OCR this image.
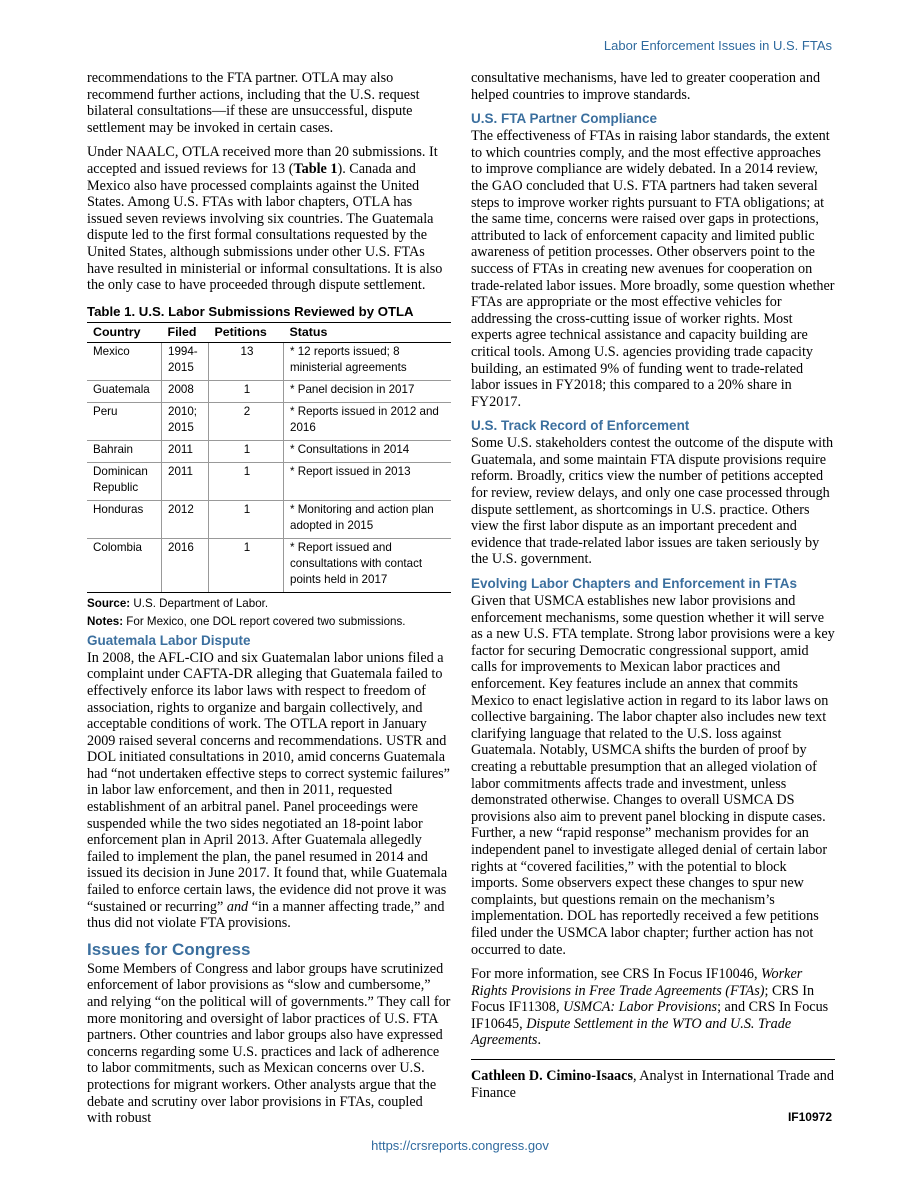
Labor Enforcement Issues in U.S. FTAs

recommendations to the FTA partner. OTLA may also recommend further actions, including that the U.S. request bilateral consultations—if these are unsuccessful, dispute settlement may be invoked in certain cases.

Under NAALC, OTLA received more than 20 submissions. It accepted and issued reviews for 13 (Table 1). Canada and Mexico also have processed complaints against the United States. Among U.S. FTAs with labor chapters, OTLA has issued seven reviews involving six countries. The Guatemala dispute led to the first formal consultations requested by the United States, although submissions under other U.S. FTAs have resulted in ministerial or informal consultations. It is also the only case to have proceeded through dispute settlement.

Table 1. U.S. Labor Submissions Reviewed by OTLA
Country	Filed	Petitions	Status
Mexico	1994-2015	13	* 12 reports issued; 8 ministerial agreements
Guatemala	2008	1	* Panel decision in 2017
Peru	2010; 2015	2	* Reports issued in 2012 and 2016
Bahrain	2011	1	* Consultations in 2014
Dominican Republic	2011	1	* Report issued in 2013
Honduras	2012	1	* Monitoring and action plan adopted in 2015
Colombia	2016	1	* Report issued and consultations with contact points held in 2017
Source: U.S. Department of Labor.
Notes: For Mexico, one DOL report covered two submissions.
Guatemala Labor Dispute

In 2008, the AFL-CIO and six Guatemalan labor unions filed a complaint under CAFTA-DR alleging that Guatemala failed to effectively enforce its labor laws with respect to freedom of association, rights to organize and bargain collectively, and acceptable conditions of work. The OTLA report in January 2009 raised several concerns and recommendations. USTR and DOL initiated consultations in 2010, amid concerns Guatemala had “not undertaken effective steps to correct systemic failures” in labor law enforcement, and then in 2011, requested establishment of an arbitral panel. Panel proceedings were suspended while the two sides negotiated an 18-point labor enforcement plan in April 2013. After Guatemala allegedly failed to implement the plan, the panel resumed in 2014 and issued its decision in June 2017. It found that, while Guatemala failed to enforce certain laws, the evidence did not prove it was “sustained or recurring” and “in a manner affecting trade,” and thus did not violate FTA provisions.

Issues for Congress

Some Members of Congress and labor groups have scrutinized enforcement of labor provisions as “slow and cumbersome,” and relying “on the political will of governments.” They call for more monitoring and oversight of labor practices of U.S. FTA partners. Other countries and labor groups also have expressed concerns regarding some U.S. practices and lack of adherence to labor commitments, such as Mexican concerns over U.S. protections for migrant workers. Other analysts argue that the debate and scrutiny over labor provisions in FTAs, coupled with robust

consultative mechanisms, have led to greater cooperation and helped countries to improve standards.

U.S. FTA Partner Compliance

The effectiveness of FTAs in raising labor standards, the extent to which countries comply, and the most effective approaches to improve compliance are widely debated. In a 2014 review, the GAO concluded that U.S. FTA partners had taken several steps to improve worker rights pursuant to FTA obligations; at the same time, concerns were raised over gaps in protections, attributed to lack of enforcement capacity and limited public awareness of petition processes. Other observers point to the success of FTAs in creating new avenues for cooperation on trade-related labor issues. More broadly, some question whether FTAs are appropriate or the most effective vehicles for addressing the cross-cutting issue of worker rights. Most experts agree technical assistance and capacity building are critical tools. Among U.S. agencies providing trade capacity building, an estimated 9% of funding went to trade-related labor issues in FY2018; this compared to a 20% share in FY2017.

U.S. Track Record of Enforcement

Some U.S. stakeholders contest the outcome of the dispute with Guatemala, and some maintain FTA dispute provisions require reform. Broadly, critics view the number of petitions accepted for review, review delays, and only one case processed through dispute settlement, as shortcomings in U.S. practice. Others view the first labor dispute as an important precedent and evidence that trade-related labor issues are taken seriously by the U.S. government.

Evolving Labor Chapters and Enforcement in FTAs

Given that USMCA establishes new labor provisions and enforcement mechanisms, some question whether it will serve as a new U.S. FTA template. Strong labor provisions were a key factor for securing Democratic congressional support, amid calls for improvements to Mexican labor practices and enforcement. Key features include an annex that commits Mexico to enact legislative action in regard to its labor laws on collective bargaining. The labor chapter also includes new text clarifying language that related to the U.S. loss against Guatemala. Notably, USMCA shifts the burden of proof by creating a rebuttable presumption that an alleged violation of labor commitments affects trade and investment, unless demonstrated otherwise. Changes to overall USMCA DS provisions also aim to prevent panel blocking in dispute cases. Further, a new “rapid response” mechanism provides for an independent panel to investigate alleged denial of certain labor rights at “covered facilities,” with the potential to block imports. Some observers expect these changes to spur new complaints, but questions remain on the mechanism’s implementation. DOL has reportedly received a few petitions filed under the USMCA labor chapter; further action has not occurred to date.

For more information, see CRS In Focus IF10046, Worker Rights Provisions in Free Trade Agreements (FTAs); CRS In Focus IF11308, USMCA: Labor Provisions; and CRS In Focus IF10645, Dispute Settlement in the WTO and U.S. Trade Agreements.

Cathleen D. Cimino-Isaacs, Analyst in International Trade and Finance

IF10972
https://crsreports.congress.gov
